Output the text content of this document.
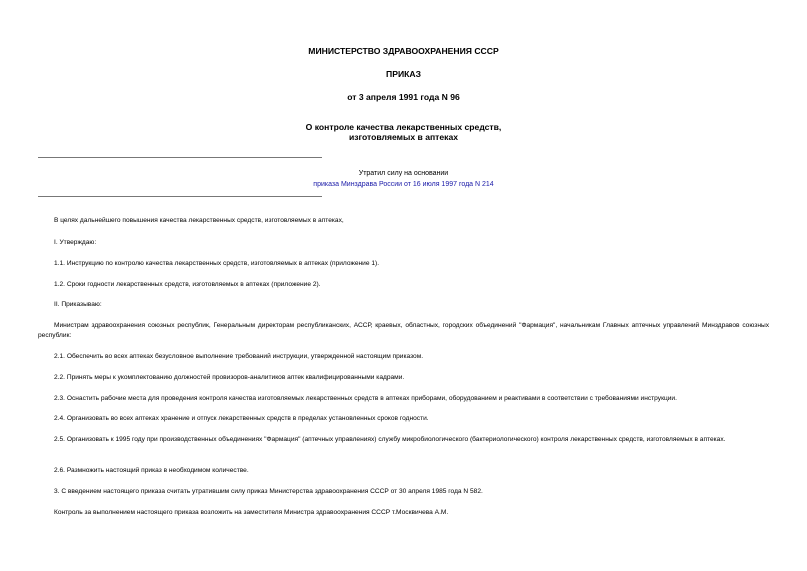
МИНИСТЕРСТВО ЗДРАВООХРАНЕНИЯ СССР
ПРИКАЗ
от 3 апреля 1991 года N 96
О контроле качества лекарственных средств,
изготовляемых в аптеках
Утратил силу на основании
приказа Минздрава России от 16 июля 1997 года N 214
В целях дальнейшего повышения качества лекарственных средств, изготовляемых в аптеках,
I. Утверждаю:
1.1. Инструкцию по контролю качества лекарственных средств, изготовляемых в аптеках (приложение 1).
1.2. Сроки годности лекарственных средств, изготовляемых в аптеках (приложение 2).
II. Приказываю:
Министрам здравоохранения союзных республик, Генеральным директорам республиканских, АССР, краевых, областных, городских объединений "Фармация", начальникам Главных аптечных управлений Минздравов союзных республик:
2.1. Обеспечить во всех аптеках безусловное выполнение требований инструкции, утвержденной настоящим приказом.
2.2. Принять меры к укомплектованию должностей провизоров-аналитиков аптек квалифицированными кадрами.
2.3. Оснастить рабочие места для проведения контроля качества изготовляемых лекарственных средств в аптеках приборами, оборудованием и реактивами в соответствии с требованиями инструкции.
2.4. Организовать во всех аптеках хранение и отпуск лекарственных средств в пределах установленных сроков годности.
2.5. Организовать к 1995 году при производственных объединениях "Фармация" (аптечных управлениях) службу микробиологического (бактериологического) контроля лекарственных средств, изготовляемых в аптеках.
2.6. Размножить настоящий приказ в необходимом количестве.
3. С введением настоящего приказа считать утратившим силу приказ Министерства здравоохранения СССР от 30 апреля 1985 года N 582.
Контроль за выполнением настоящего приказа возложить на заместителя Министра здравоохранения СССР т.Москвичева А.М.
